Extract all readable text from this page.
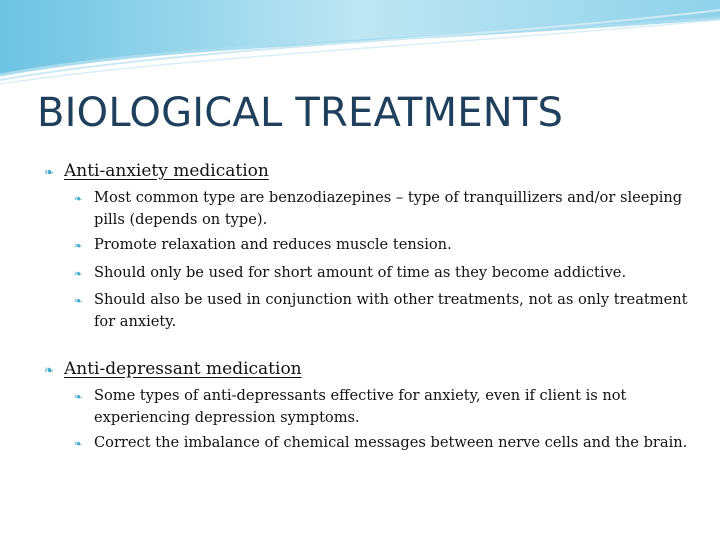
BIOLOGICAL TREATMENTS
❧ Anti-anxiety medication
❧ Most common type are benzodiazepines – type of tranquillizers and/or sleeping pills (depends on type).
❧ Promote relaxation and reduces muscle tension.
❧ Should only be used for short amount of time as they become addictive.
❧ Should also be used in conjunction with other treatments, not as only treatment for anxiety.
❧ Anti-depressant medication
❧ Some types of anti-depressants effective for anxiety, even if client is not experiencing depression symptoms.
❧ Correct the imbalance of chemical messages between nerve cells and the brain.
